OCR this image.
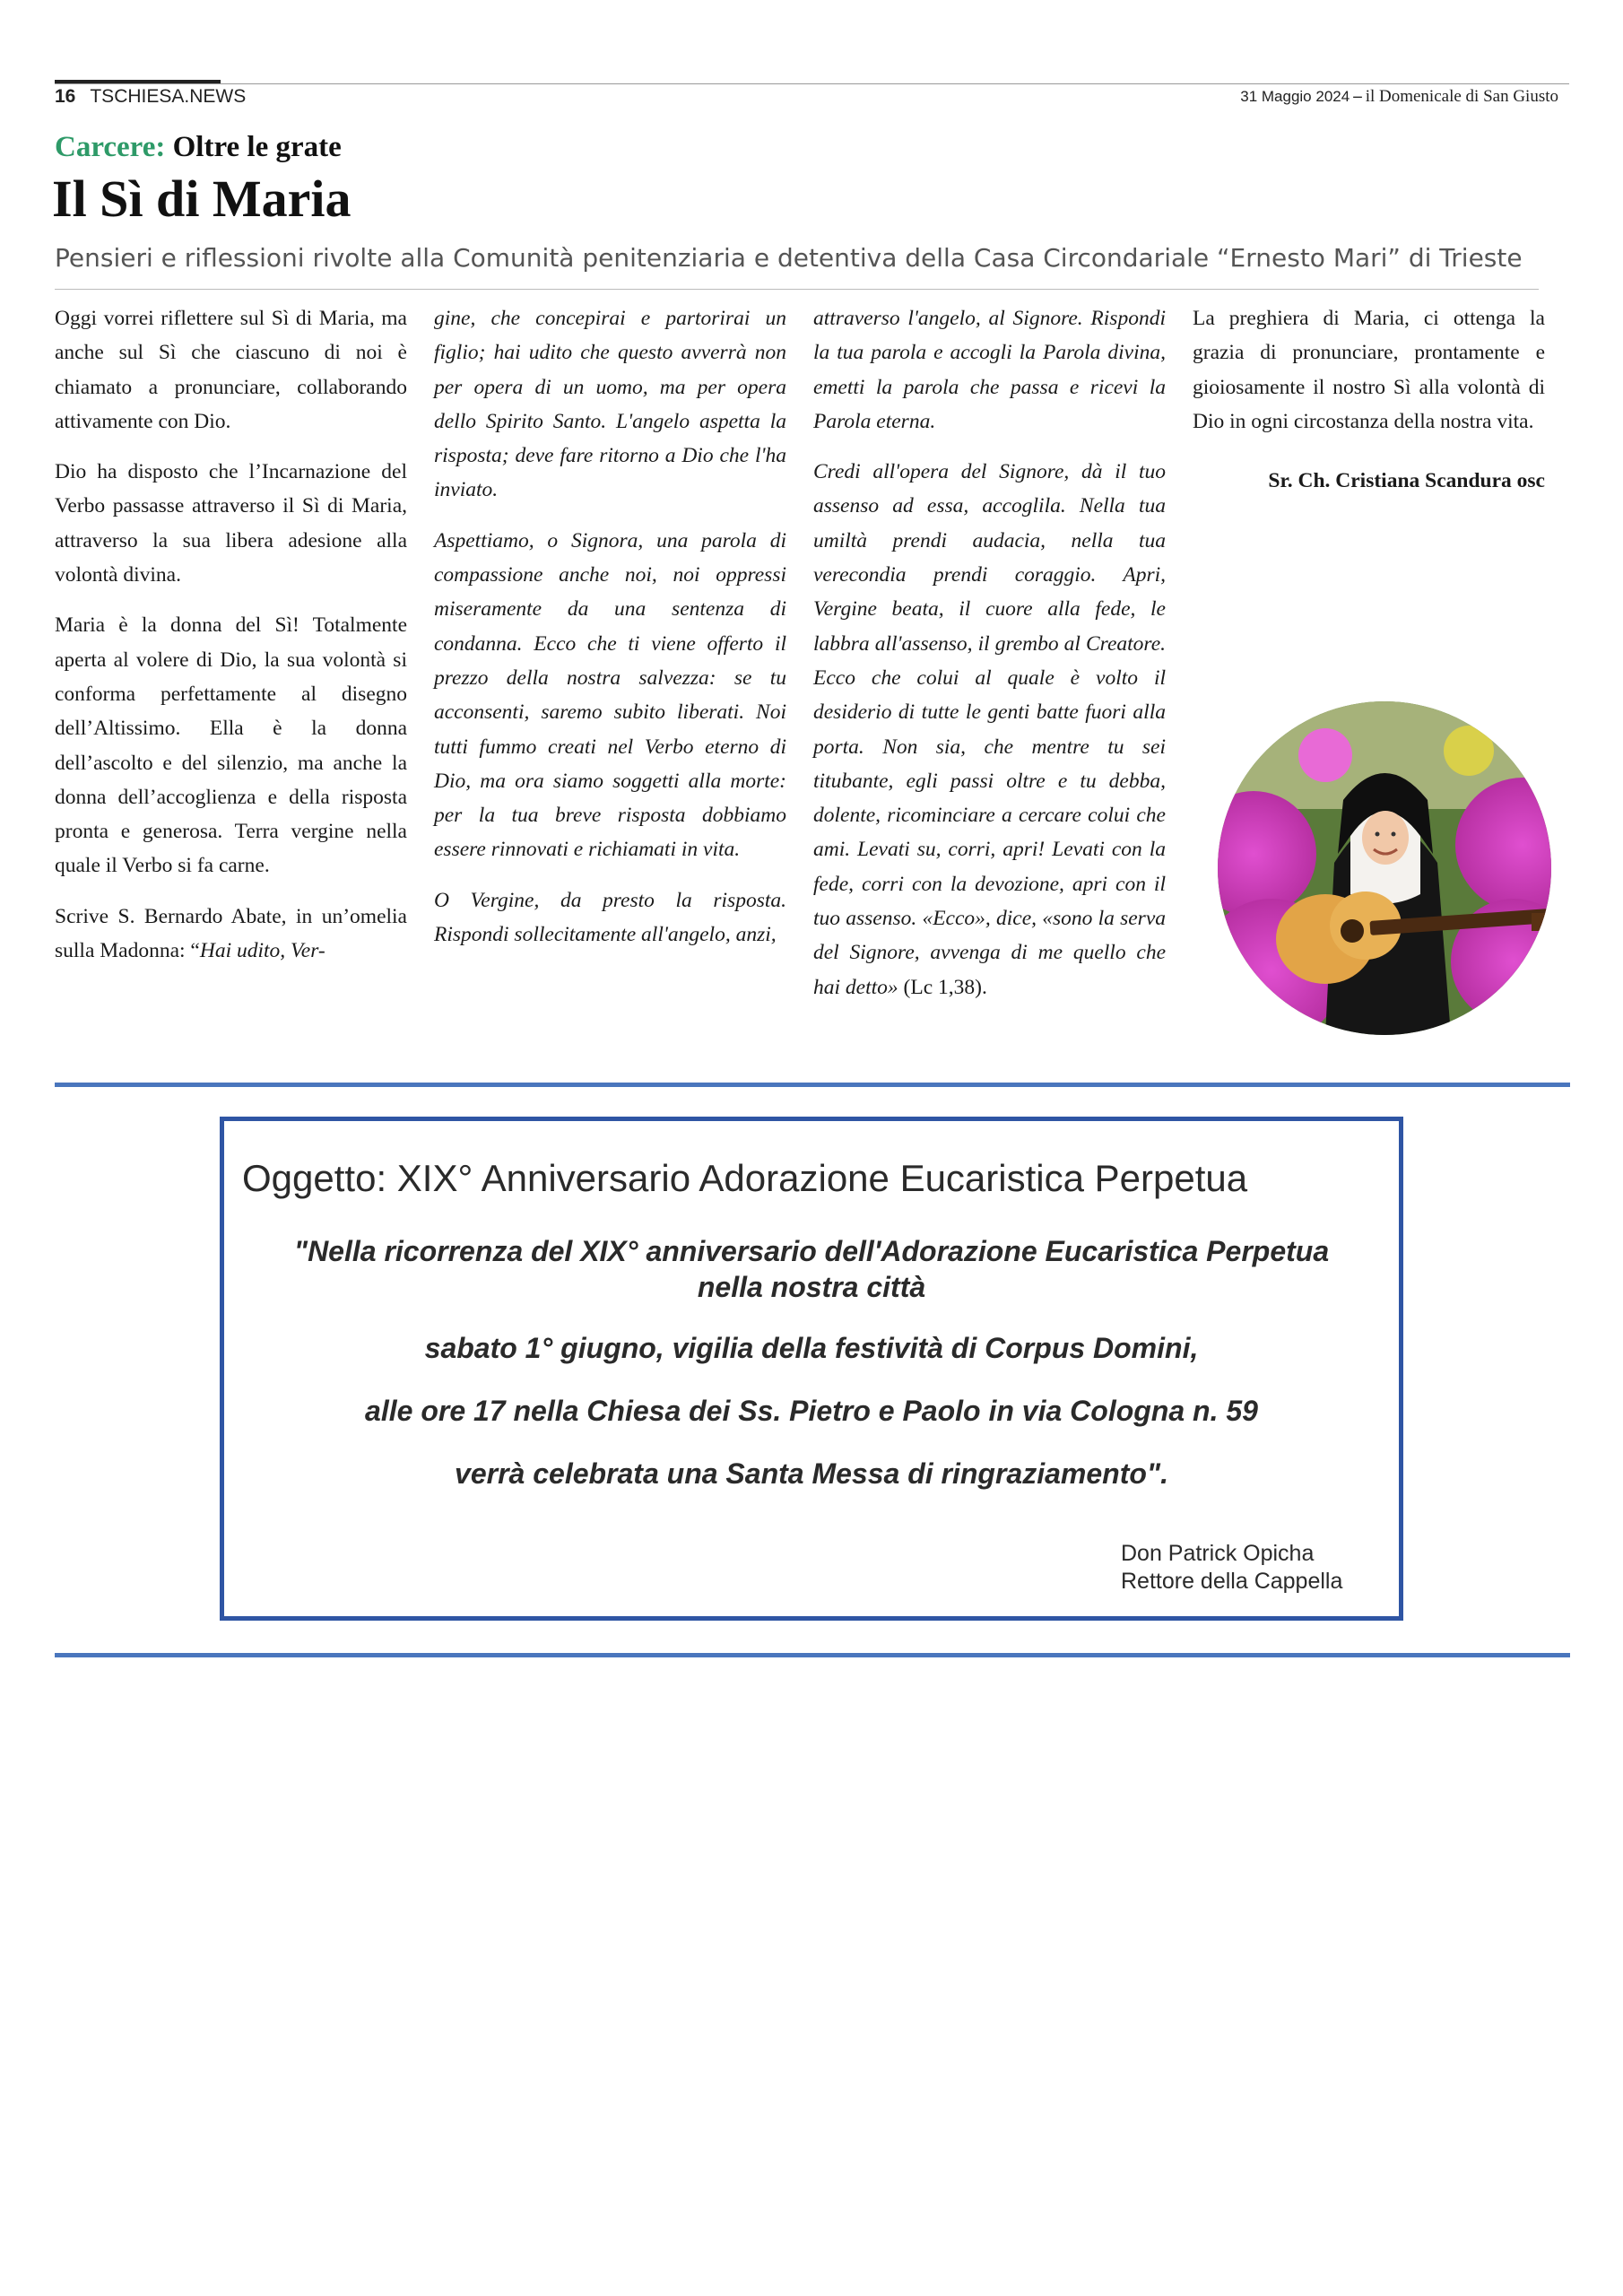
16 TSCHIESA.NEWS	31 Maggio 2024 – il Domenicale di San Giusto
Carcere: Oltre le grate
Il Sì di Maria
Pensieri e riflessioni rivolte alla Comunità penitenziaria e detentiva della Casa Circondariale “Ernesto Mari” di Trieste

Oggi vorrei riflettere sul Sì di Maria, ma anche sul Sì che ciascuno di noi è chiamato a pronunciare, collaborando attivamente con Dio.

Dio ha disposto che l’Incarnazione del Verbo passasse attraverso il Sì di Maria, attraverso la sua libera adesione alla volontà divina.

Maria è la donna del Sì! Totalmente aperta al volere di Dio, la sua volontà si conforma perfettamente al disegno dell’Altissimo. Ella è la donna dell’ascolto e del silenzio, ma anche la donna dell’accoglienza e della risposta pronta e generosa. Terra vergine nella quale il Verbo si fa carne.

Scrive S. Bernardo Abate, in un’omelia sulla Madonna: “Hai udito, Ver-

gine, che concepirai e partorirai un figlio; hai udito che questo avverrà non per opera di un uomo, ma per opera dello Spirito Santo. L'angelo aspetta la risposta; deve fare ritorno a Dio che l'ha inviato.

Aspettiamo, o Signora, una parola di compassione anche noi, noi oppressi miseramente da una sentenza di condanna. Ecco che ti viene offerto il prezzo della nostra salvezza: se tu acconsenti, saremo subito liberati. Noi tutti fummo creati nel Verbo eterno di Dio, ma ora siamo soggetti alla morte: per la tua breve risposta dobbiamo essere rinnovati e richiamati in vita.

O Vergine, da presto la risposta. Rispondi sollecitamente all'angelo, anzi,

attraverso l'angelo, al Signore. Rispondi la tua parola e accogli la Parola divina, emetti la parola che passa e ricevi la Parola eterna.

Credi all'opera del Signore, dà il tuo assenso ad essa, accoglila. Nella tua umiltà prendi audacia, nella tua verecondia prendi coraggio. Apri, Vergine beata, il cuore alla fede, le labbra all'assenso, il grembo al Creatore. Ecco che colui al quale è volto il desiderio di tutte le genti batte fuori alla porta. Non sia, che mentre tu sei titubante, egli passi oltre e tu debba, dolente, ricominciare a cercare colui che ami. Levati su, corri, apri! Levati con la fede, corri con la devozione, apri con il tuo assenso. «Ecco», dice, «sono la serva del Signore, avvenga di me quello che hai detto» (Lc 1,38).

La preghiera di Maria, ci ottenga la grazia di pronunciare, prontamente e gioiosamente il nostro Sì alla volontà di Dio in ogni circostanza della nostra vita.

Sr. Ch. Cristiana Scandura osc

Oggetto: XIX° Anniversario Adorazione Eucaristica Perpetua
"Nella ricorrenza del XIX° anniversario dell'Adorazione Eucaristica Perpetua
nella nostra città
sabato 1° giugno, vigilia della festività di Corpus Domini,
alle ore 17 nella Chiesa dei Ss. Pietro e Paolo in via Cologna n. 59
verrà celebrata una Santa Messa di ringraziamento".
Don Patrick Opicha
Rettore della Cappella
